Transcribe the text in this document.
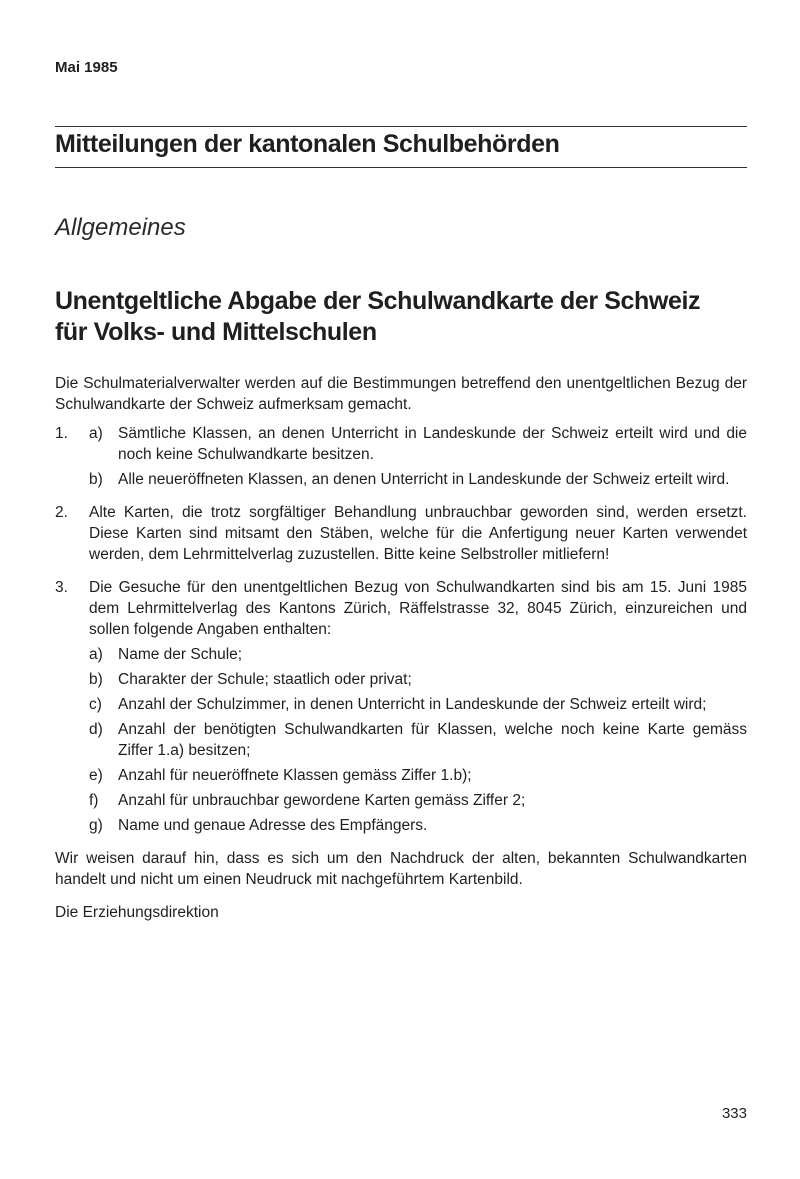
Mai 1985
Mitteilungen der kantonalen Schulbehörden
Allgemeines
Unentgeltliche Abgabe der Schulwandkarte der Schweiz
für Volks- und Mittelschulen

Die Schulmaterialverwalter werden auf die Bestimmungen betreffend den unentgeltlichen Bezug der Schulwandkarte der Schweiz aufmerksam gemacht.

1.	a) Sämtliche Klassen, an denen Unterricht in Landeskunde der Schweiz erteilt wird und die noch keine Schulwandkarte besitzen.
b) Alle neueröffneten Klassen, an denen Unterricht in Landeskunde der Schweiz erteilt wird.
2.	Alte Karten, die trotz sorgfältiger Behandlung unbrauchbar geworden sind, werden ersetzt. Diese Karten sind mitsamt den Stäben, welche für die Anfertigung neuer Karten verwendet werden, dem Lehrmittelverlag zuzustellen. Bitte keine Selbstroller mitliefern!
3.	Die Gesuche für den unentgeltlichen Bezug von Schulwandkarten sind bis am 15. Juni 1985 dem Lehrmittelverlag des Kantons Zürich, Räffelstrasse 32, 8045 Zürich, einzureichen und sollen folgende Angaben enthalten:
a) Name der Schule;
b) Charakter der Schule; staatlich oder privat;
c)	Anzahl der Schulzimmer, in denen Unterricht in Landeskunde der Schweiz erteilt wird;
d) Anzahl der benötigten Schulwandkarten für Klassen, welche noch keine Karte gemäss Ziffer 1.a) besitzen;
e) Anzahl für neueröffnete Klassen gemäss Ziffer 1.b);
f)	Anzahl für unbrauchbar gewordene Karten gemäss Ziffer 2;
g) Name und genaue Adresse des Empfängers.

Wir weisen darauf hin, dass es sich um den Nachdruck der alten, bekannten Schulwandkarten handelt und nicht um einen Neudruck mit nachgeführtem Kartenbild.

Die Erziehungsdirektion
333
